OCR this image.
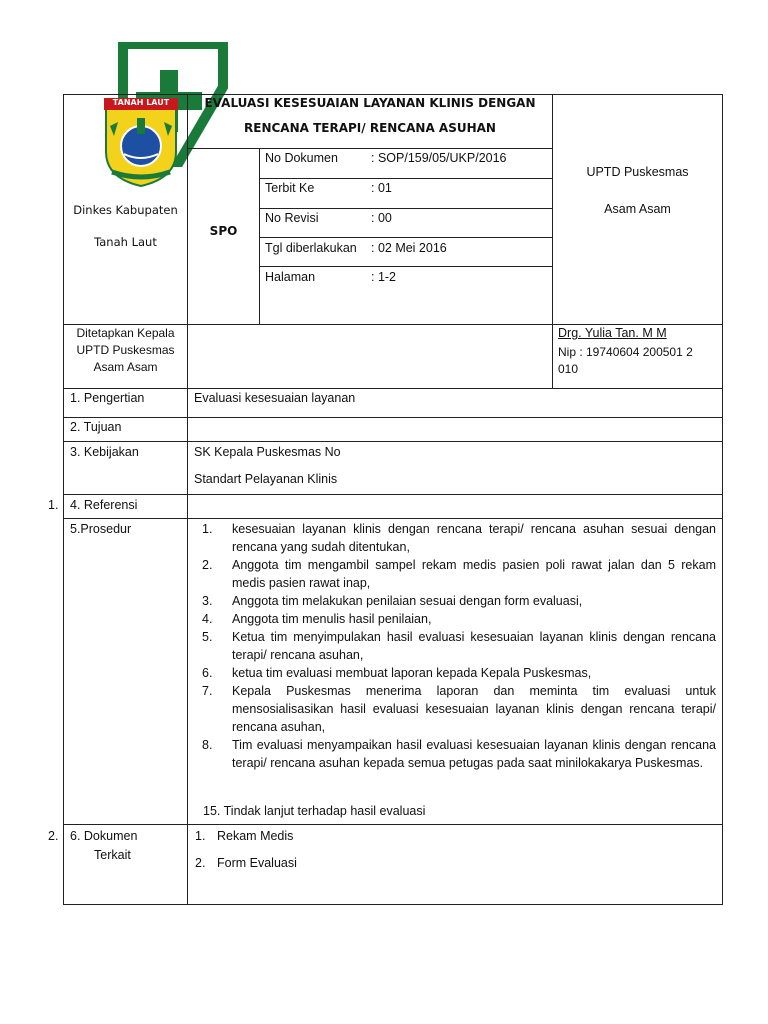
TANAH LAUT
Dinkes Kabupaten
Tanah Laut
EVALUASI KESESUAIAN LAYANAN KLINIS DENGAN
RENCANA TERAPI/ RENCANA ASUHAN
SPO
No Dokumen	: SOP/159/05/UKP/2016
Terbit Ke	: 01
No Revisi	: 00
Tgl diberlakukan : 02 Mei 2016
Halaman	: 1-2
UPTD Puskesmas
Asam Asam
Ditetapkan Kepala
UPTD Puskesmas
Asam Asam
Drg. Yulia Tan. M M
Nip : 19740604 200501 2
010
1. Pengertian	Evaluasi kesesuaian layanan
2. Tujuan
3. Kebijakan	SK Kepala Puskesmas No
Standart Pelayanan Klinis
1. 4. Referensi
5.Prosedur	1.	kesesuaian layanan klinis dengan rencana terapi/ rencana asuhan sesuai dengan rencana yang sudah ditentukan,
2.	Anggota tim mengambil sampel rekam medis pasien poli rawat jalan dan 5 rekam medis pasien rawat inap,
3.	Anggota tim melakukan penilaian sesuai dengan form evaluasi,
4.	Anggota tim menulis hasil penilaian,
5.	Ketua tim menyimpulakan hasil evaluasi kesesuaian layanan klinis dengan rencana terapi/ rencana asuhan,
6.	ketua tim evaluasi membuat laporan kepada Kepala Puskesmas,
7.	Kepala Puskesmas menerima laporan dan meminta tim evaluasi untuk mensosialisasikan hasil evaluasi kesesuaian layanan klinis dengan rencana terapi/ rencana asuhan,
8.	Tim evaluasi menyampaikan hasil evaluasi kesesuaian layanan klinis dengan rencana terapi/ rencana asuhan kepada semua petugas pada saat minilokakarya Puskesmas.
15. Tindak lanjut terhadap hasil evaluasi
2. 6. Dokumen
Terkait
1. Rekam Medis
2. Form Evaluasi
